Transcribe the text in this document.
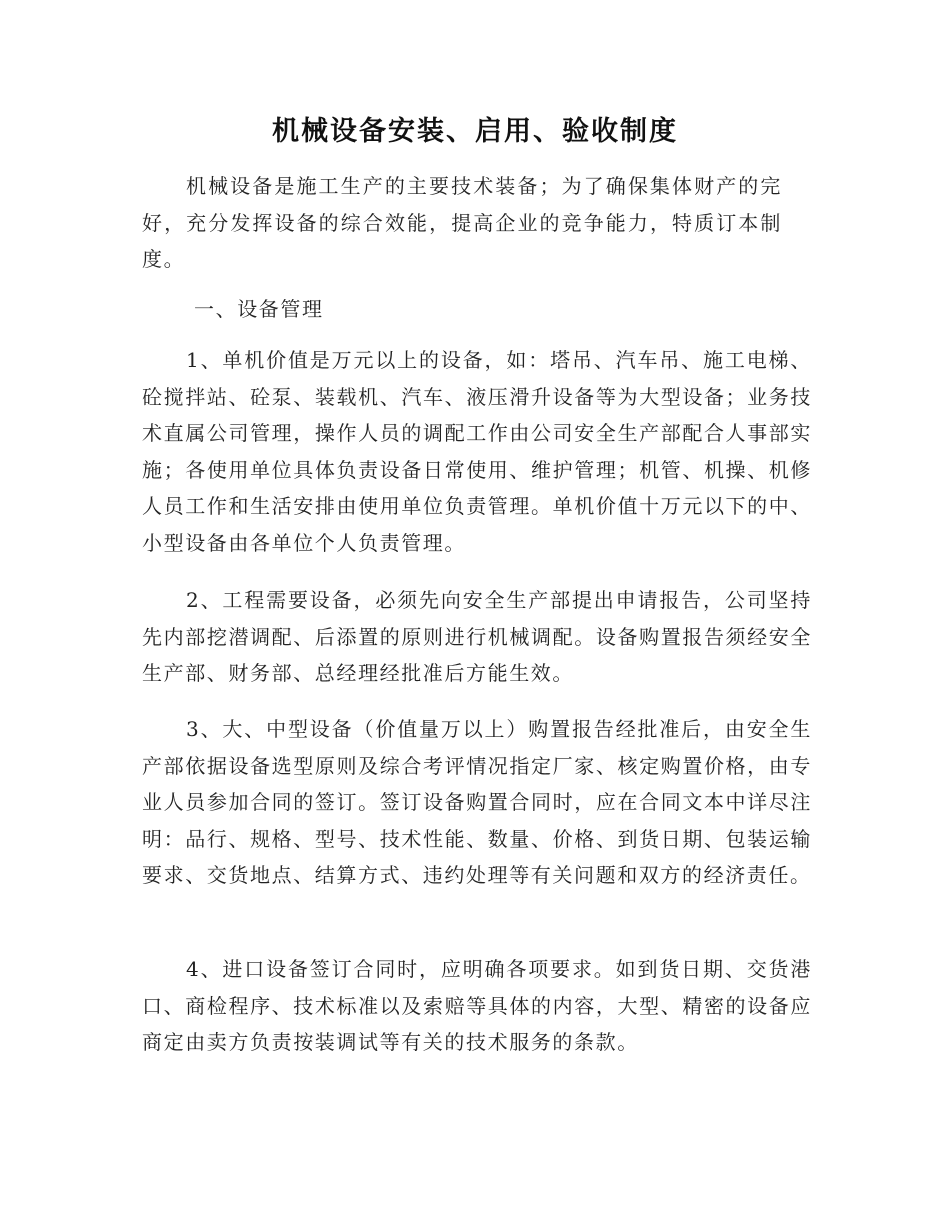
机械设备安装、启用、验收制度

机械设备是施工生产的主要技术装备；为了确保集体财产的完好，充分发挥设备的综合效能，提高企业的竞争能力，特质订本制度。

一、设备管理

1、单机价值是万元以上的设备，如：塔吊、汽车吊、施工电梯、砼搅拌站、砼泵、装载机、汽车、液压滑升设备等为大型设备；业务技术直属公司管理，操作人员的调配工作由公司安全生产部配合人事部实施；各使用单位具体负责设备日常使用、维护管理；机管、机操、机修人员工作和生活安排由使用单位负责管理。单机价值十万元以下的中、小型设备由各单位个人负责管理。

2、工程需要设备，必须先向安全生产部提出申请报告，公司坚持先内部挖潜调配、后添置的原则进行机械调配。设备购置报告须经安全生产部、财务部、总经理经批准后方能生效。

3、大、中型设备（价值量万以上）购置报告经批准后，由安全生产部依据设备选型原则及综合考评情况指定厂家、核定购置价格，由专业人员参加合同的签订。签订设备购置合同时，应在合同文本中详尽注明：品行、规格、型号、技术性能、数量、价格、到货日期、包装运输要求、交货地点、结算方式、违约处理等有关问题和双方的经济责任。

4、进口设备签订合同时，应明确各项要求。如到货日期、交货港口、商检程序、技术标准以及索赔等具体的内容，大型、精密的设备应商定由卖方负责按装调试等有关的技术服务的条款。
